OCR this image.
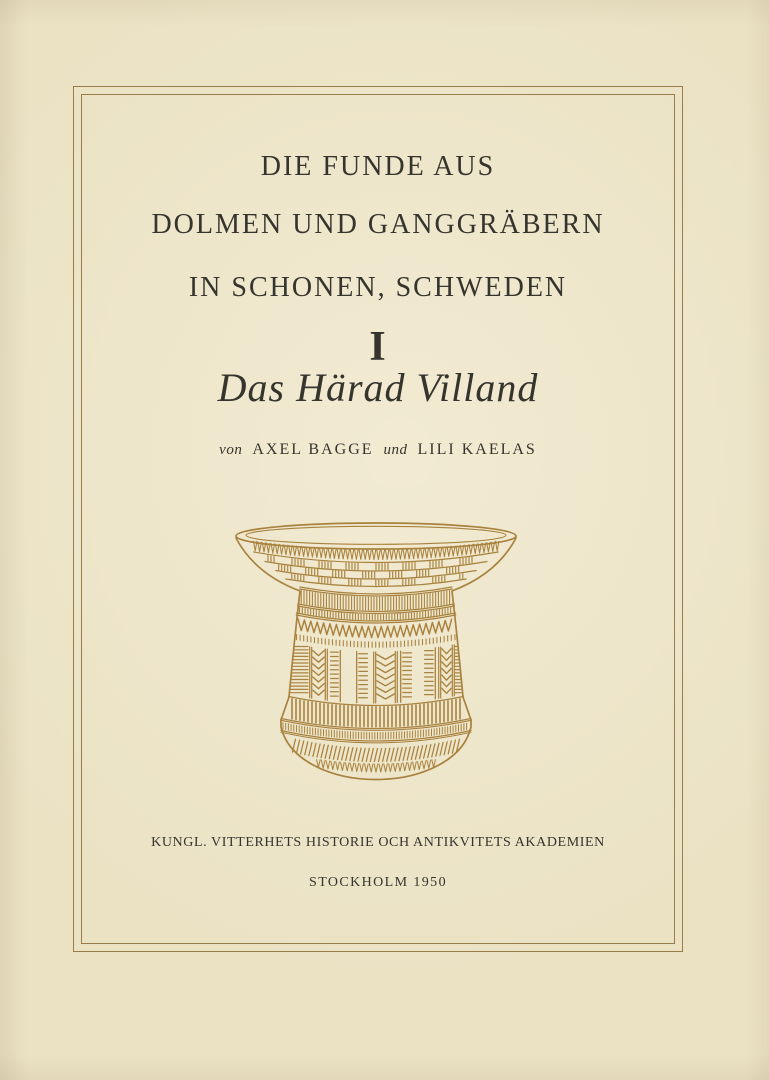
DIE FUNDE AUS
DOLMEN UND GANGGRÄBERN
IN SCHONEN, SCHWEDEN
I
Das Härad Villand
von AXEL BAGGE und LILI KAELAS
KUNGL. VITTERHETS HISTORIE OCH ANTIKVITETS AKADEMIEN
STOCKHOLM 1950
